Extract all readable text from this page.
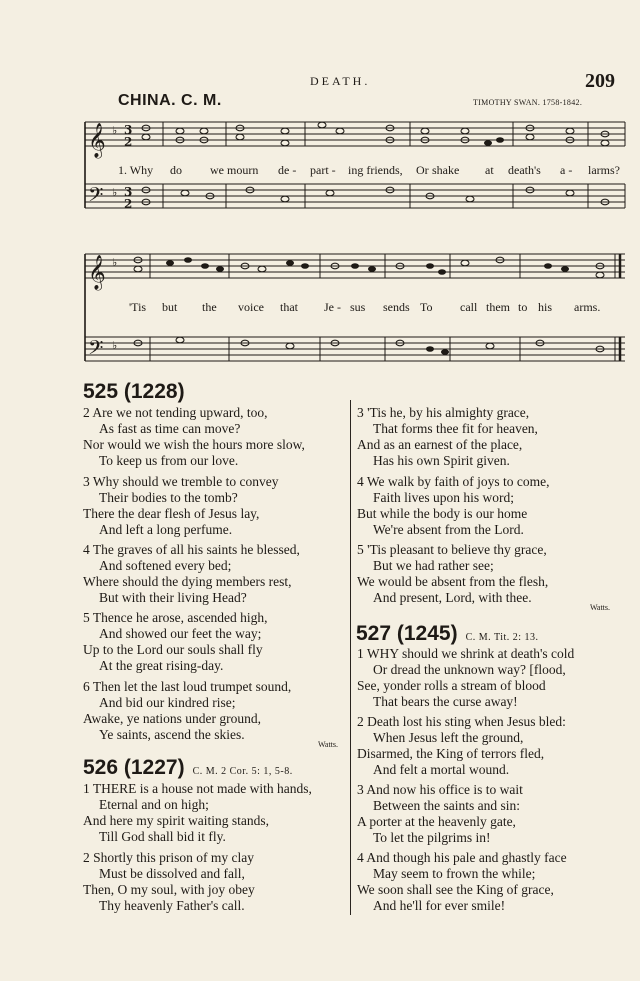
DEATH.	209
CHINA. C. M.	TIMOTHY SWAN. 1758-1842.
𝄞
𝄢
𝄞
𝄢
♭
♭
♭
♭
3
2
3
2
1. Why do we mourn de - part - ing friends, Or shake at death's a - larms?
'Tis but the voice that Je - sus sends To call them to his arms.
525 (1228)
2 Are we not tending upward, too,
As fast as time can move?
Nor would we wish the hours more slow,
To keep us from our love.
3 Why should we tremble to convey
Their bodies to the tomb?
There the dear flesh of Jesus lay,
And left a long perfume.
4 The graves of all his saints he blessed,
And softened every bed;
Where should the dying members rest,
But with their living Head?
5 Thence he arose, ascended high,
And showed our feet the way;
Up to the Lord our souls shall fly
At the great rising-day.
6 Then let the last loud trumpet sound,
And bid our kindred rise;
Awake, ye nations under ground,
Ye saints, ascend the skies.
Watts.
526 (1227) C. M. 2 Cor. 5: 1, 5-8.
1 THERE is a house not made with hands,
Eternal and on high;
And here my spirit waiting stands,
Till God shall bid it fly.
2 Shortly this prison of my clay
Must be dissolved and fall,
Then, O my soul, with joy obey
Thy heavenly Father's call.
3 'Tis he, by his almighty grace,
That forms thee fit for heaven,
And as an earnest of the place,
Has his own Spirit given.
4 We walk by faith of joys to come,
Faith lives upon his word;
But while the body is our home
We're absent from the Lord.
5 'Tis pleasant to believe thy grace,
But we had rather see;
We would be absent from the flesh,
And present, Lord, with thee.
Watts.
527 (1245) C. M. Tit. 2: 13.
1 WHY should we shrink at death's cold
Or dread the unknown way? [flood,
See, yonder rolls a stream of blood
That bears the curse away!
2 Death lost his sting when Jesus bled:
When Jesus left the ground,
Disarmed, the King of terrors fled,
And felt a mortal wound.
3 And now his office is to wait
Between the saints and sin:
A porter at the heavenly gate,
To let the pilgrims in!
4 And though his pale and ghastly face
May seem to frown the while;
We soon shall see the King of grace,
And he'll for ever smile!
